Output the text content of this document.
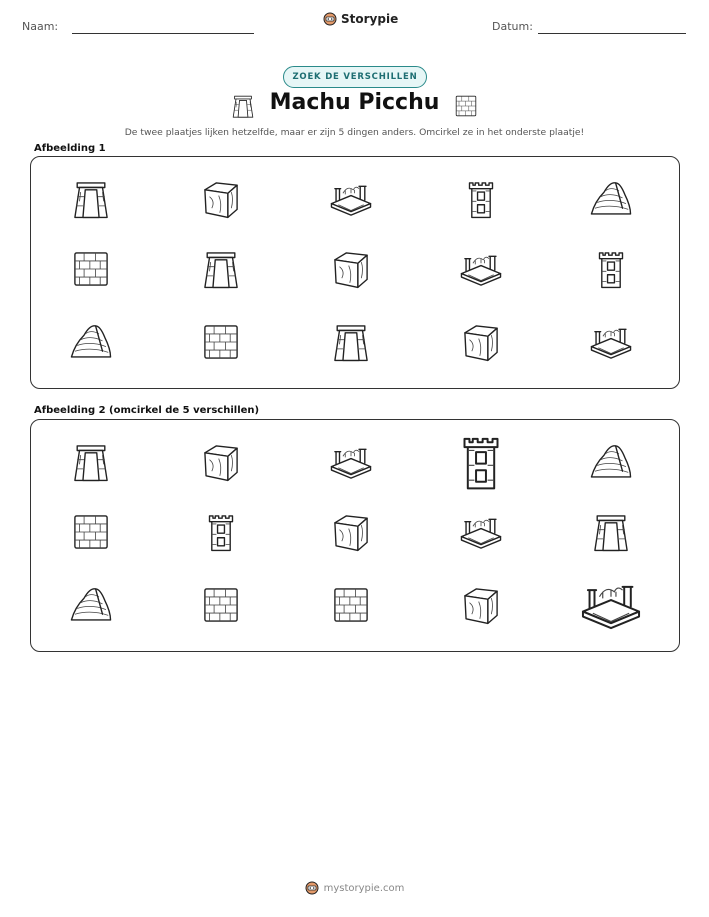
Naam:
Storypie
Datum:
ZOEK DE VERSCHILLEN
Machu Picchu
De twee plaatjes lijken hetzelfde, maar er zijn 5 dingen anders. Omcirkel ze in het onderste plaatje!
Afbeelding 1
Afbeelding 2 (omcirkel de 5 verschillen)
mystorypie.com
